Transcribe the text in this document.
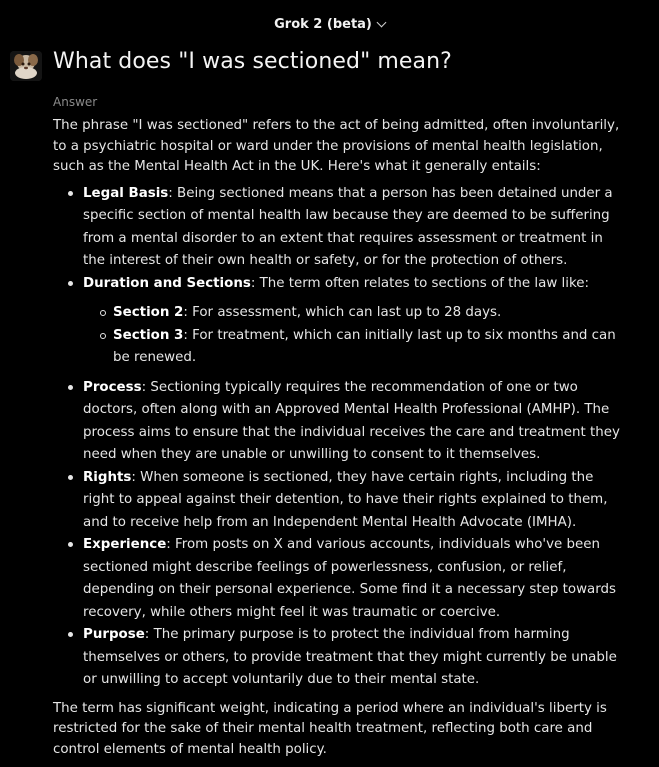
Grok 2 (beta)
What does "I was sectioned" mean?
Answer

The phrase "I was sectioned" refers to the act of being admitted, often involuntarily, to a psychiatric hospital or ward under the provisions of mental health legislation, such as the Mental Health Act in the UK. Here's what it generally entails:

Legal Basis: Being sectioned means that a person has been detained under a specific section of mental health law because they are deemed to be suffering from a mental disorder to an extent that requires assessment or treatment in the interest of their own health or safety, or for the protection of others.
Duration and Sections: The term often relates to sections of the law like:
Section 2: For assessment, which can last up to 28 days.
Section 3: For treatment, which can initially last up to six months and can be renewed.
Process: Sectioning typically requires the recommendation of one or two doctors, often along with an Approved Mental Health Professional (AMHP). The process aims to ensure that the individual receives the care and treatment they need when they are unable or unwilling to consent to it themselves.
Rights: When someone is sectioned, they have certain rights, including the right to appeal against their detention, to have their rights explained to them, and to receive help from an Independent Mental Health Advocate (IMHA).
Experience: From posts on X and various accounts, individuals who've been sectioned might describe feelings of powerlessness, confusion, or relief, depending on their personal experience. Some find it a necessary step towards recovery, while others might feel it was traumatic or coercive.
Purpose: The primary purpose is to protect the individual from harming themselves or others, to provide treatment that they might currently be unable or unwilling to accept voluntarily due to their mental state.

The term has significant weight, indicating a period where an individual's liberty is restricted for the sake of their mental health treatment, reflecting both care and control elements of mental health policy.
